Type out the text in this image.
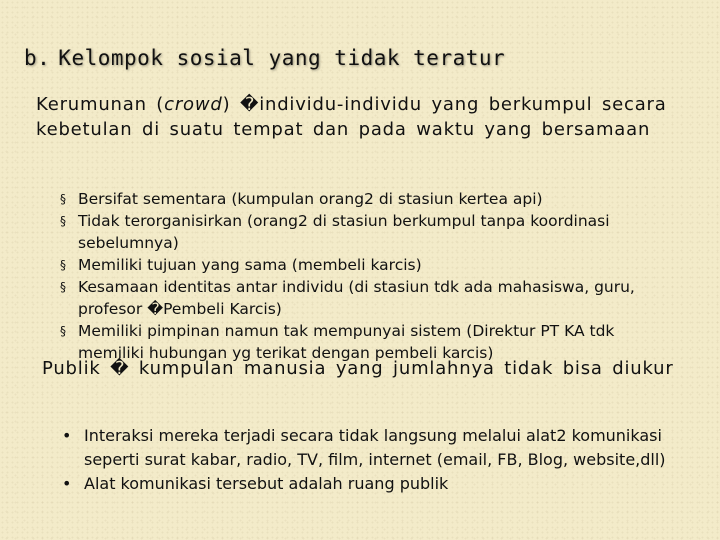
b. Kelompok sosial yang tidak teratur

Kerumunan (crowd) �individu-individu yang berkumpul secara kebetulan di suatu tempat dan pada waktu yang bersamaan

§ Bersifat sementara (kumpulan orang2 di stasiun kertea api)
§ Tidak terorganisirkan (orang2 di stasiun berkumpul tanpa koordinasi sebelumnya)
§ Memiliki tujuan yang sama (membeli karcis)
§ Kesamaan identitas antar individu (di stasiun tdk ada mahasiswa, guru, profesor �Pembeli Karcis)
§ Memiliki pimpinan namun tak mempunyai sistem (Direktur PT KA tdk memiliki hubungan yg terikat dengan pembeli karcis)

Publik � kumpulan manusia yang jumlahnya tidak bisa diukur

• Interaksi mereka terjadi secara tidak langsung melalui alat2 komunikasi seperti surat kabar, radio, TV, film, internet (email, FB, Blog, website,dll)
• Alat komunikasi tersebut adalah ruang publik
